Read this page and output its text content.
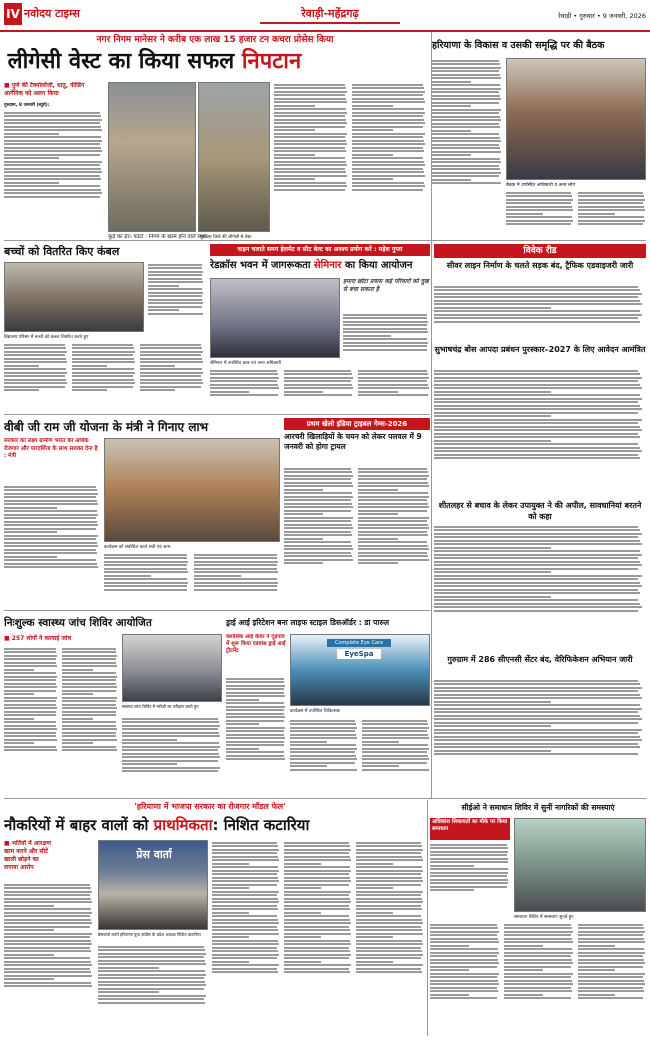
IV नवोदय टाइम्स	रेवाड़ी-महेंद्रगढ़	रेवाड़ी • गुरुवार • 9 जनवरी, 2026
नगर निगम मानेसर ने करीब एक लाख 15 हजार टन कचरा प्रोसेस किया
लीगेसी वेस्ट का किया सफल निपटान
■ पुणे की टेक्नोलॉजी, धातु, फीडिंग
आर्गेनिक को अलग किया
गुरुग्राम, 8 जनवरी (ब्यूरो):
कूड़े का ढ़ेर। फोटो : निगम के खत्म होने वाले स्थल
गुरुग्राम जिले की लीगेसी से वेस्ट
हरियाणा के विकास व उसकी समृद्धि पर की बैठक
बैठक में उपस्थित अधिकारी व अन्य लोग
बच्चों को वितरित किए कंबल
विद्यालय परिसर में बच्चों को कंबल वितरित करते हुए
वाहन चलाते समय हेलमेट व सीट बेल्ट का अवश्य प्रयोग करें : महेश गुप्ता
रेडक्रॉस भवन में जागरूकता सेमिनार का किया आयोजन
सेमिनार में उपस्थित छात्र एवं अन्य अधिकारी
हमारा छोटा प्रयास कई परिवारों को दुख से बचा सकता है
विवेक रीड
सीवर लाइन निर्माण के चलते सड़क बंद, ट्रैफिक एडवाइजरी जारी
सुभाषचंद्र बोस आपदा प्रबंधन पुरस्कार–2027 के लिए आवेदन आमंत्रित
शीतलहर से बचाव के लेकर उपायुक्त ने की अपील, सावधानियां बरतने को कहा
गुरुग्राम में 286 सीएनसी सेंटर बंद, वेरिफिकेशन अभियान जारी
वीबी जी राम जी योजना के मंत्री ने गिनाए लाभ
सरकार का लक्ष्य ग्रामीण भारत को अधिक रोजगार और पारदर्शिता के साथ सशक्त देना है : मंत्री
कार्यक्रम को संबोधित करते मंत्री एवं अन्य
प्रथम खेलो इंडिया ट्राइबल गेम्स-2026
आरचरी खिलाड़ियों के चयन को लेकर पलवल में 9 जनवरी को होगा ट्रायल
निःशुल्क स्वास्थ्य जांच शिविर आयोजित
■ 257 लोगों ने करवाई जांच
स्वास्थ्य जांच शिविर में मरीजों का परीक्षण करते हुए
ड्राई आई इरिटेशन बना लाइफ स्टाइल डिसऑर्डर : डा पारुल
क्लासिक आई केयर ने गुड़गांव में शुरू किया एडवांस ड्राई आई ट्रीटमेंट
Complete Eye Care
EyeSpa
कार्यक्रम में उपस्थित चिकित्सक
'हरियाणा में भाजपा सरकार का रोजगार मॉडल फेल'
नौकरियों में बाहर वालों को प्राथमिकता: निशित कटारिया
■ भर्तियों में आरक्षण
खत्म करने और सीटें
खाली छोड़ने का
लगाया आरोप
प्रेस वार्ता
प्रेसवार्ता करते हरियाणा युवा कांग्रेस के प्रदेश अध्यक्ष निशित कटारिया
सीईओ ने समाधान शिविर में सुनीं नागरिकों की समस्याएं
अधिकांश शिकायतों का मौके पर किया समाधान
समाधान शिविर में समस्याएं सुनते हुए
